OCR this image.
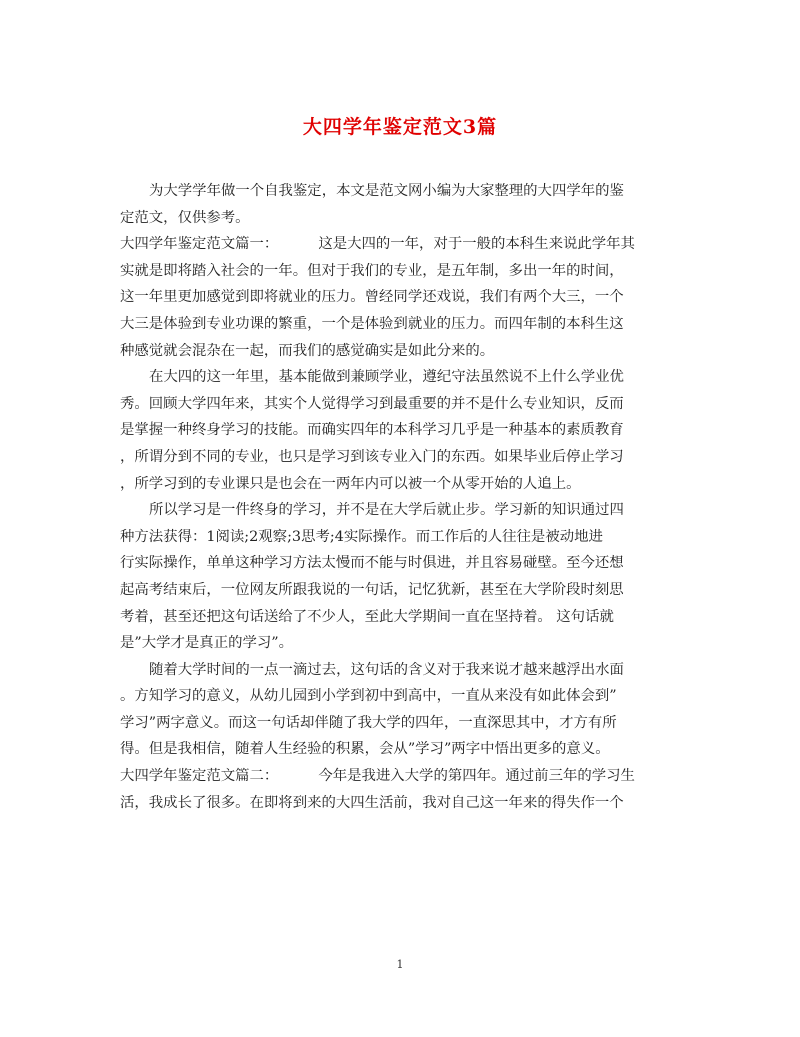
大四学年鉴定范文3篇
为大学学年做一个自我鉴定，本文是范文网小编为大家整理的大四学年的鉴
定范文，仅供参考。
大四学年鉴定范文篇一：	这是大四的一年，对于一般的本科生来说此学年其
实就是即将踏入社会的一年。但对于我们的专业，是五年制，多出一年的时间，
这一年里更加感觉到即将就业的压力。曾经同学还戏说，我们有两个大三，一个
大三是体验到专业功课的繁重，一个是体验到就业的压力。而四年制的本科生这
种感觉就会混杂在一起，而我们的感觉确实是如此分来的。
在大四的这一年里，基本能做到兼顾学业，遵纪守法虽然说不上什么学业优
秀。回顾大学四年来，其实个人觉得学习到最重要的并不是什么专业知识，反而
是掌握一种终身学习的技能。而确实四年的本科学习几乎是一种基本的素质教育
，所谓分到不同的专业，也只是学习到该专业入门的东西。如果毕业后停止学习
，所学习到的专业课只是也会在一两年内可以被一个从零开始的人追上。
所以学习是一件终身的学习，并不是在大学后就止步。学习新的知识通过四
种方法获得：1阅读;2观察;3思考;4实际操作。而工作后的人往往是被动地进
行实际操作，单单这种学习方法太慢而不能与时俱进，并且容易碰壁。至今还想
起高考结束后，一位网友所跟我说的一句话，记忆犹新，甚至在大学阶段时刻思
考着，甚至还把这句话送给了不少人，至此大学期间一直在坚持着。 这句话就
是”大学才是真正的学习”。
随着大学时间的一点一滴过去，这句话的含义对于我来说才越来越浮出水面
。方知学习的意义，从幼儿园到小学到初中到高中，一直从来没有如此体会到”
学习”两字意义。而这一句话却伴随了我大学的四年，一直深思其中，才方有所
得。但是我相信，随着人生经验的积累，会从”学习”两字中悟出更多的意义。
大四学年鉴定范文篇二：	今年是我进入大学的第四年。通过前三年的学习生
活，我成长了很多。在即将到来的大四生活前，我对自己这一年来的得失作一个
1
